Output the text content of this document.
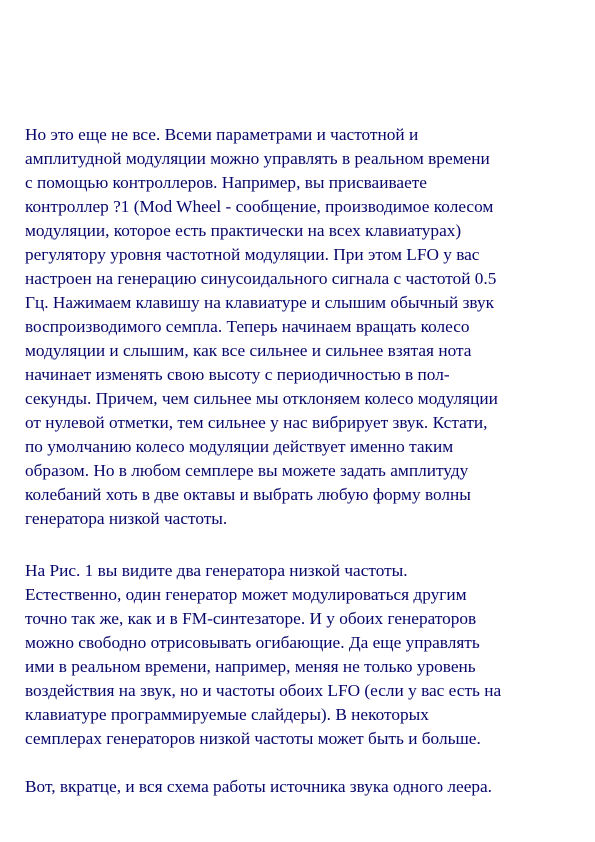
Но это еще не все. Всеми параметрами и частотной и

амплитудной модуляции можно управлять в реальном времени

с помощью контроллеров. Например, вы присваиваете

контроллер ?1 (Mod Wheel - сообщение, производимое колесом

модуляции, которое есть практически на всех клавиатурах)

регулятору уровня частотной модуляции. При этом LFO у вас

настроен на генерацию синусоидального сигнала с частотой 0.5

Гц. Нажимаем клавишу на клавиатуре и слышим обычный звук

воспроизводимого семпла. Теперь начинаем вращать колесо

модуляции и слышим, как все сильнее и сильнее взятая нота

начинает изменять свою высоту с периодичностью в пол-

секунды. Причем, чем сильнее мы отклоняем колесо модуляции

от нулевой отметки, тем сильнее у нас вибрирует звук. Кстати,

по умолчанию колесо модуляции действует именно таким

образом. Но в любом семплере вы можете задать амплитуду

колебаний хоть в две октавы и выбрать любую форму волны

генератора низкой частоты.

На Рис. 1 вы видите два генератора низкой частоты.

Естественно, один генератор может модулироваться другим

точно так же, как и в FM-синтезаторе. И у обоих генераторов

можно свободно отрисовывать огибающие. Да еще управлять

ими в реальном времени, например, меняя не только уровень

воздействия на звук, но и частоты обоих LFO (если у вас есть на

клавиатуре программируемые слайдеры). В некоторых

семплерах генераторов низкой частоты может быть и больше.

Вот, вкратце, и вся схема работы источника звука одного леера.
